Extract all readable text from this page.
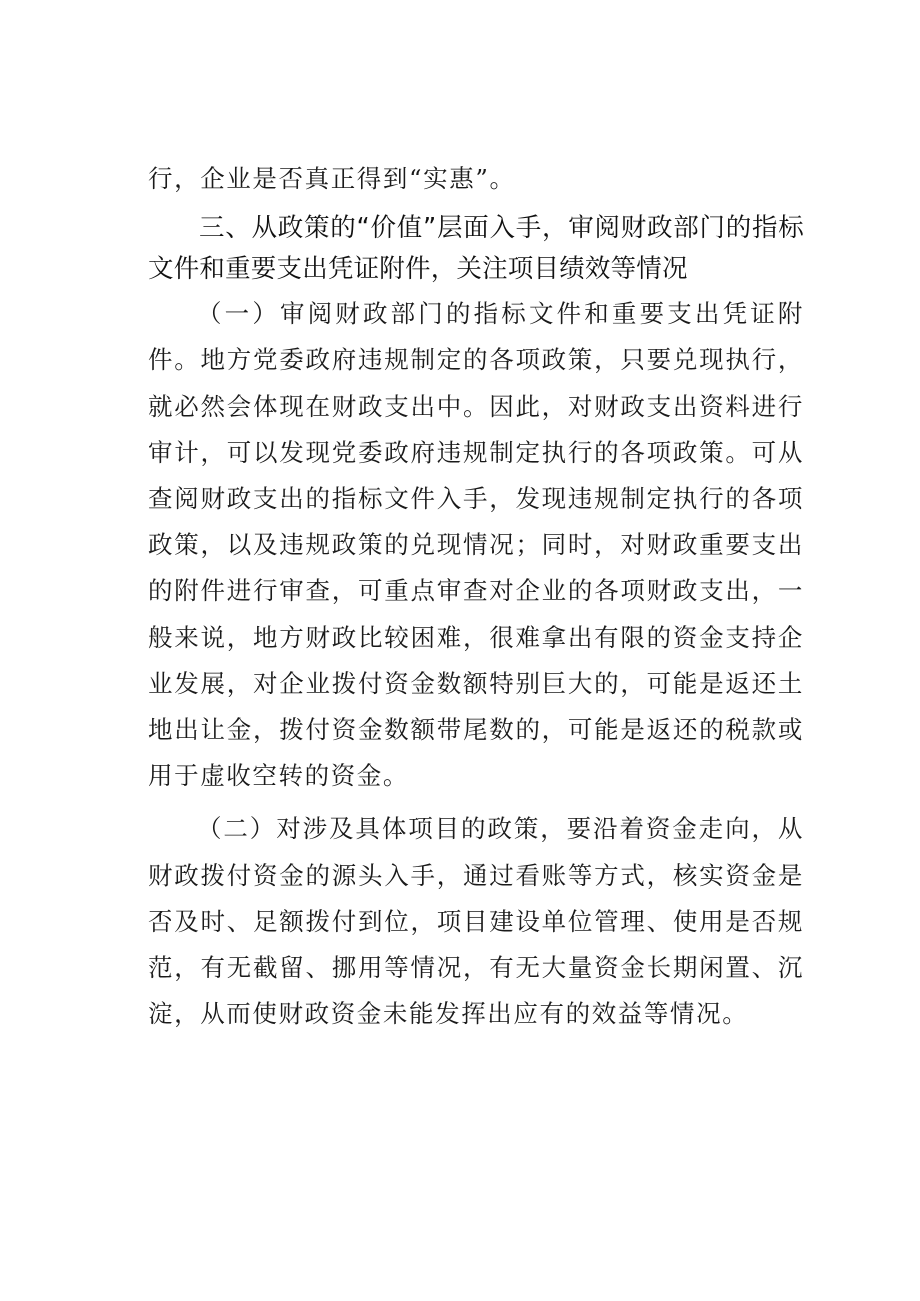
行，企业是否真正得到“实惠”。

三、从政策的“价值”层面入手，审阅财政部门的指标文件和重要支出凭证附件，关注项目绩效等情况

（一）审阅财政部门的指标文件和重要支出凭证附件。地方党委政府违规制定的各项政策，只要兑现执行，就必然会体现在财政支出中。因此，对财政支出资料进行审计，可以发现党委政府违规制定执行的各项政策。可从查阅财政支出的指标文件入手，发现违规制定执行的各项政策，以及违规政策的兑现情况；同时，对财政重要支出的附件进行审查，可重点审查对企业的各项财政支出，一般来说，地方财政比较困难，很难拿出有限的资金支持企业发展，对企业拨付资金数额特别巨大的，可能是返还土地出让金，拨付资金数额带尾数的，可能是返还的税款或用于虚收空转的资金。

（二）对涉及具体项目的政策，要沿着资金走向，从财政拨付资金的源头入手，通过看账等方式，核实资金是否及时、足额拨付到位，项目建设单位管理、使用是否规范，有无截留、挪用等情况，有无大量资金长期闲置、沉淀，从而使财政资金未能发挥出应有的效益等情况。
